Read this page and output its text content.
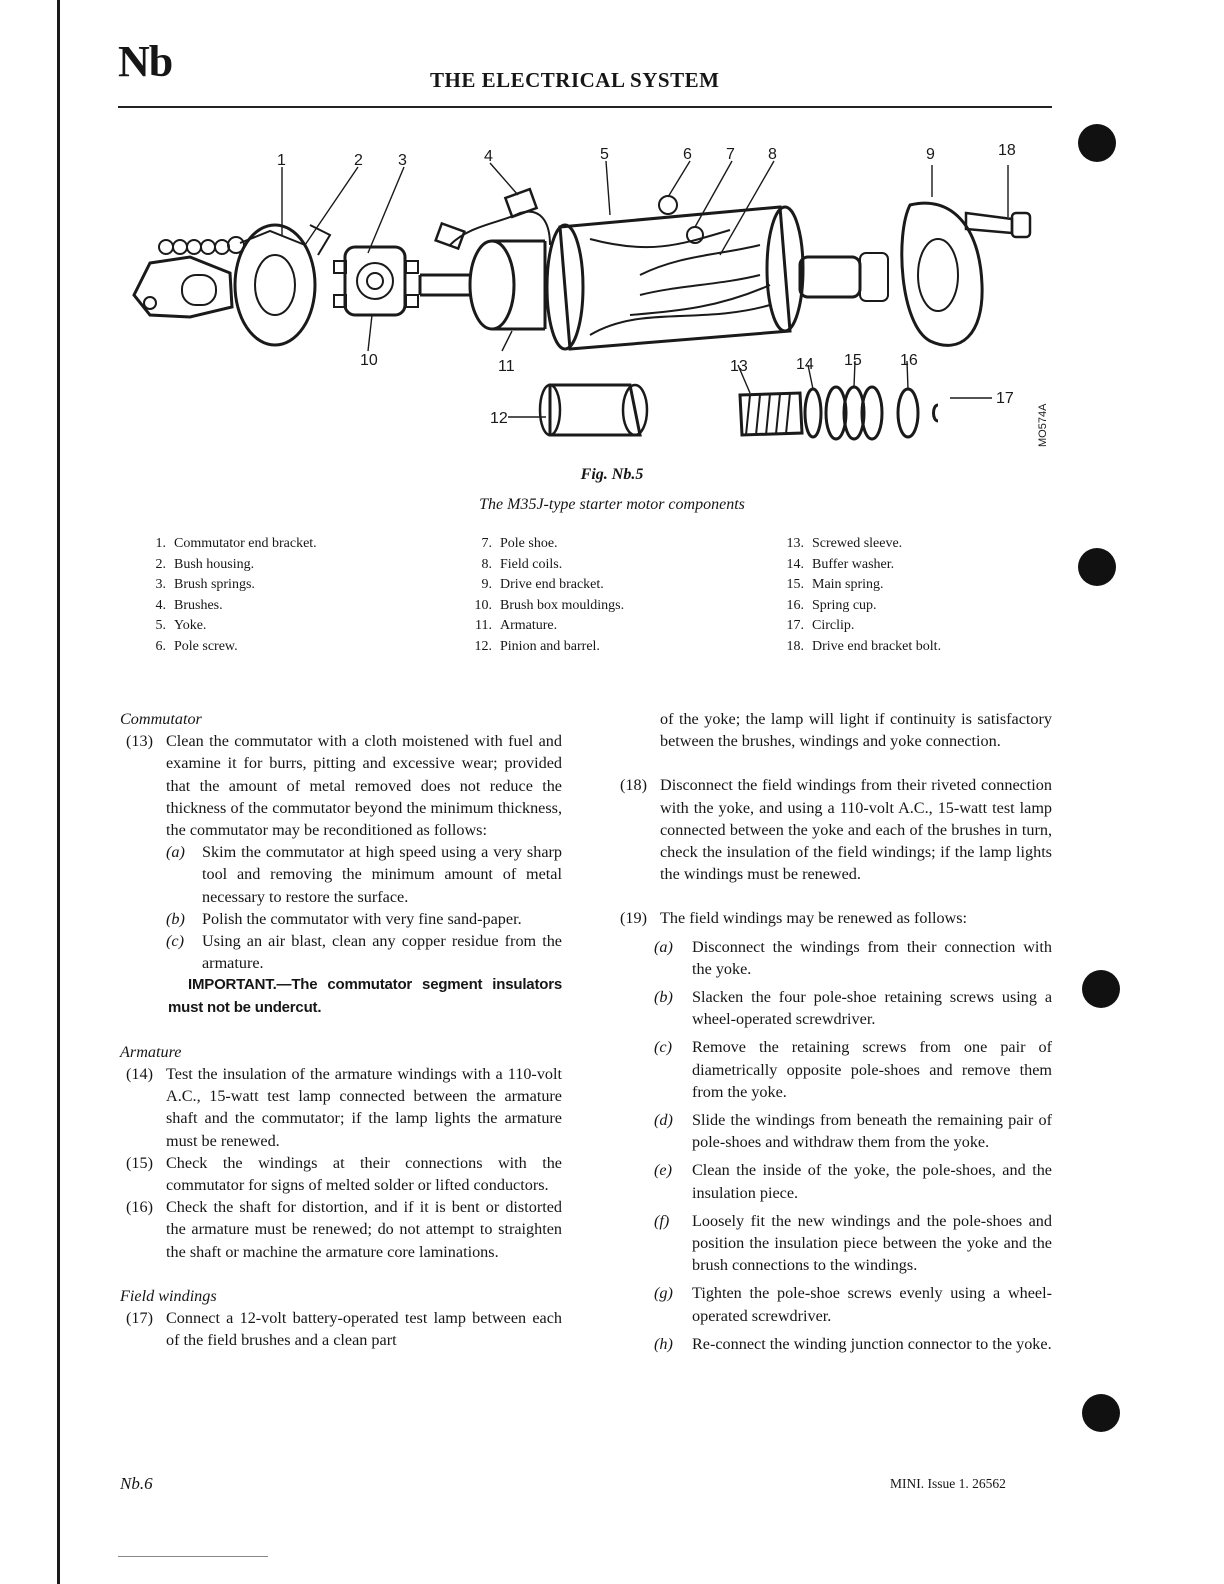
Nb	THE ELECTRICAL SYSTEM
1	2 3	4	5	6 7 8	9	18
10	11	13	14 15 16
12
17
MO574A
Fig. Nb.5
The M35J-type starter motor components
1. Commutator end bracket.
2. Bush housing.
3. Brush springs.
4. Brushes.
5. Yoke.
6. Pole screw.
7. Pole shoe.
8. Field coils.
9. Drive end bracket.
10. Brush box mouldings.
11. Armature.
12. Pinion and barrel.
13. Screwed sleeve.
14. Buffer washer.
15. Main spring.
16. Spring cup.
17. Circlip.
18. Drive end bracket bolt.
Commutator
(13) Clean the commutator with a cloth moistened with fuel and examine it for burrs, pitting and excessive wear; provided that the amount of metal removed does not reduce the thickness of the commutator beyond the minimum thickness, the commutator may be reconditioned as follows:
(a) Skim the commutator at high speed using a very sharp tool and removing the minimum amount of metal necessary to restore the surface.
(b) Polish the commutator with very fine sand-paper.
(c) Using an air blast, clean any copper residue from the armature.
IMPORTANT.—The commutator segment insulators must not be undercut.
Armature
(14) Test the insulation of the armature windings with a 110-volt A.C., 15-watt test lamp connected between the armature shaft and the commutator; if the lamp lights the armature must be renewed.
(15) Check the windings at their connections with the commutator for signs of melted solder or lifted conductors.
(16) Check the shaft for distortion, and if it is bent or distorted the armature must be renewed; do not attempt to straighten the shaft or machine the armature core laminations.
Field windings
(17) Connect a 12-volt battery-operated test lamp between each of the field brushes and a clean part
of the yoke; the lamp will light if continuity is satisfactory between the brushes, windings and yoke connection.
(18) Disconnect the field windings from their riveted connection with the yoke, and using a 110-volt A.C., 15-watt test lamp connected between the yoke and each of the brushes in turn, check the insulation of the field windings; if the lamp lights the windings must be renewed.
(19) The field windings may be renewed as follows:
(a) Disconnect the windings from their connection with the yoke.
(b) Slacken the four pole-shoe retaining screws using a wheel-operated screwdriver.
(c) Remove the retaining screws from one pair of diametrically opposite pole-shoes and remove them from the yoke.
(d) Slide the windings from beneath the remaining pair of pole-shoes and withdraw them from the yoke.
(e) Clean the inside of the yoke, the pole-shoes, and the insulation piece.
(f) Loosely fit the new windings and the pole-shoes and position the insulation piece between the yoke and the brush connections to the windings.
(g) Tighten the pole-shoe screws evenly using a wheel-operated screwdriver.
(h) Re-connect the winding junction connector to the yoke.
Nb.6	MINI. Issue 1. 26562
